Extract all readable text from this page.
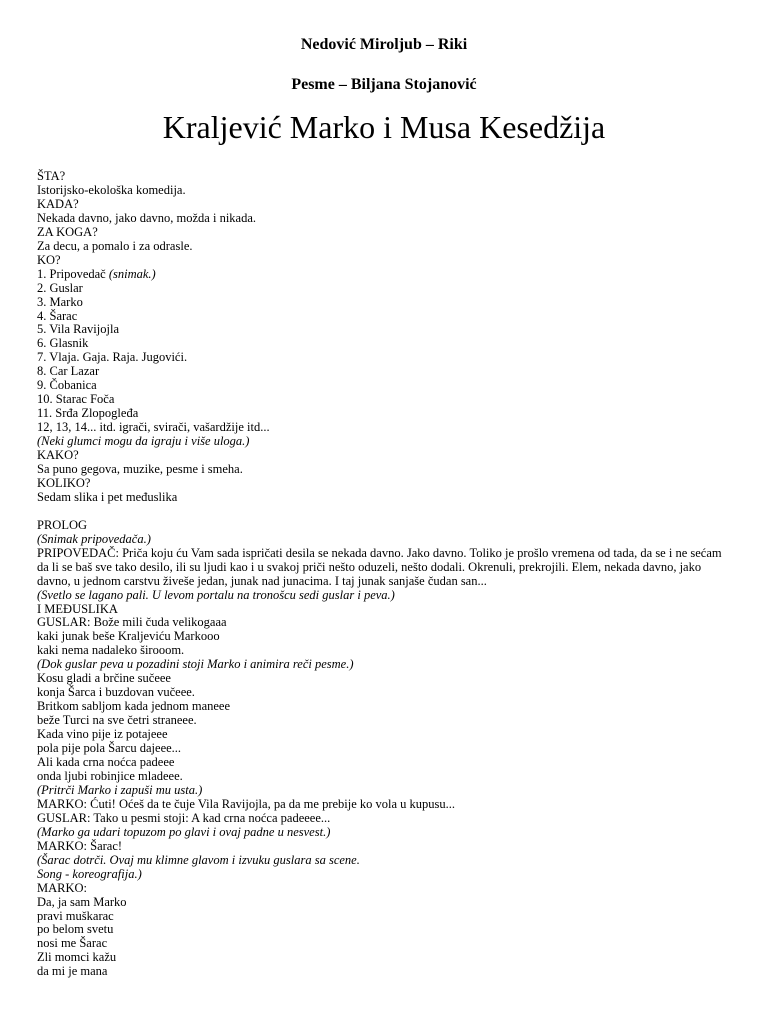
Nedović Miroljub – Riki
Pesme – Biljana Stojanović
Kraljević Marko i Musa Kesedžija
ŠTA?
Istorijsko-ekološka komedija.
KADA?
Nekada davno, jako davno, možda i nikada.
ZA KOGA?
Za decu, a pomalo i za odrasle.
KO?
1. Pripovedač (snimak.)
2. Guslar
3. Marko
4. Šarac
5. Vila Ravijojla
6. Glasnik
7. Vlaja. Gaja. Raja. Jugovići.
8. Car Lazar
9. Čobanica
10. Starac Foča
11. Srđa Zlopogleđa
12, 13, 14... itd. igrači, svirači, vašardžije itd...
(Neki glumci mogu da igraju i više uloga.)
KAKO?
Sa puno gegova, muzike, pesme i smeha.
KOLIKO?
Sedam slika i pet međuslika
PROLOG
(Snimak pripovedača.)
PRIPOVEDAČ: Priča koju ću Vam sada ispričati desila se nekada davno. Jako davno. Toliko je prošlo vremena od tada, da se i ne sećam da li se baš sve tako desilo, ili su ljudi kao i u svakoj priči nešto oduzeli, nešto dodali. Okrenuli, prekrojili. Elem, nekada davno, jako davno, u jednom carstvu živeše jedan, junak nad junacima. I taj junak sanjaše čudan san...
(Svetlo se lagano pali. U levom portalu na tronošcu sedi guslar i peva.)
I MEĐUSLIKA
GUSLAR: Bože mili čuda velikogaaa
kaki junak beše Kraljeviću Markooo
kaki nema nadaleko širooom.
(Dok guslar peva u pozadini stoji Marko i animira reči pesme.)
Kosu gladi a brčine sučeee
konja Šarca i buzdovan vučeee.
Britkom sabljom kada jednom maneee
beže Turci na sve četri straneee.
Kada vino pije iz potajeee
pola pije pola Šarcu dajeee...
Ali kada crna noćca padeee
onda ljubi robinjice mladeee.
(Pritrči Marko i zapuši mu usta.)
MARKO: Ćuti! Oćeš da te čuje Vila Ravijojla, pa da me prebije ko vola u kupusu...
GUSLAR: Tako u pesmi stoji: A kad crna noćca padeeee...
(Marko ga udari topuzom po glavi i ovaj padne u nesvest.)
MARKO: Šarac!
(Šarac dotrči. Ovaj mu klimne glavom i izvuku guslara sa scene.
Song - koreografija.)
MARKO:
Da, ja sam Marko
pravi muškarac
po belom svetu
nosi me Šarac
Zli momci kažu
da mi je mana
